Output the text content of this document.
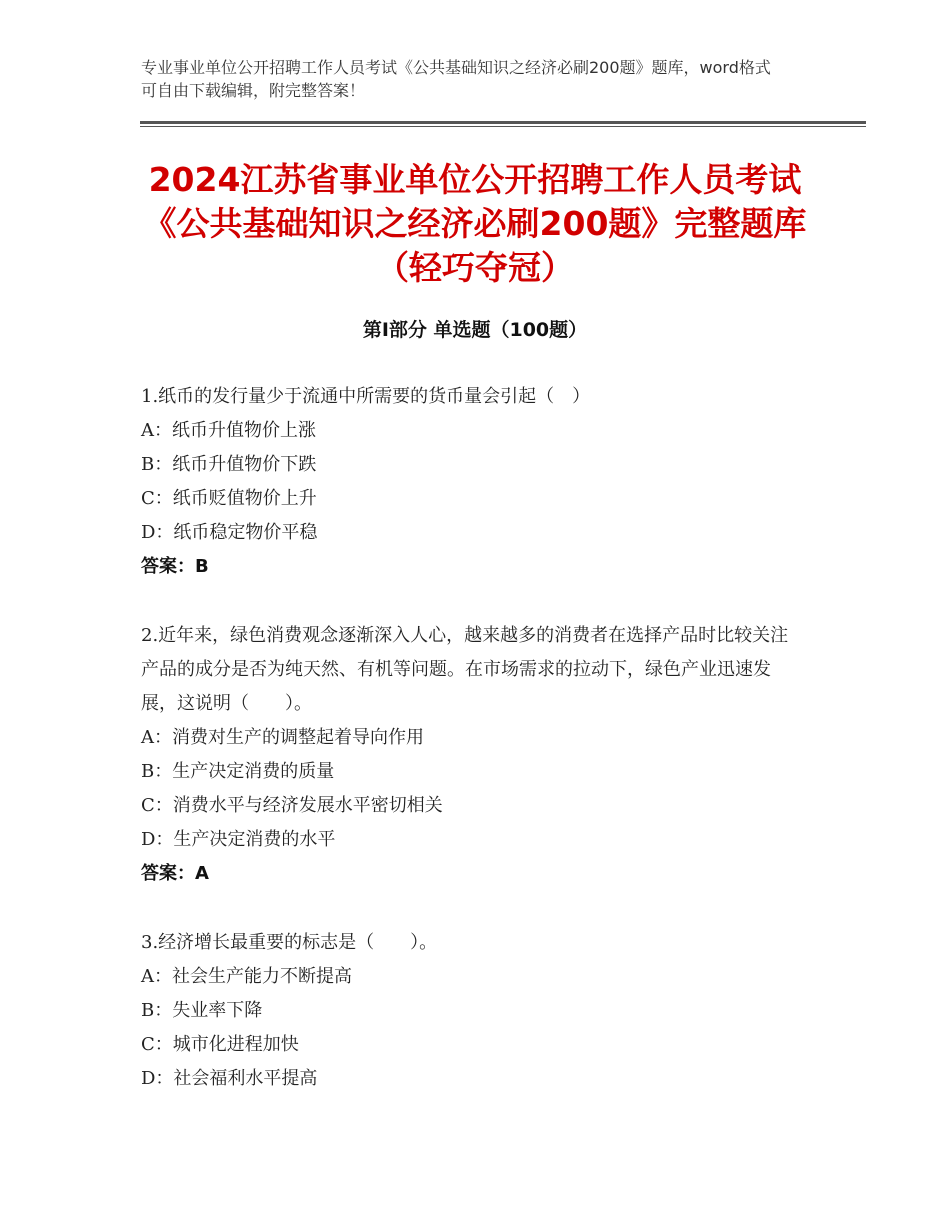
专业事业单位公开招聘工作人员考试《公共基础知识之经济必刷200题》题库，word格式可自由下载编辑，附完整答案！
2024江苏省事业单位公开招聘工作人员考试《公共基础知识之经济必刷200题》完整题库（轻巧夺冠）
第Ⅰ部分 单选题（100题）
1.纸币的发行量少于流通中所需要的货币量会引起（　）
A：纸币升值物价上涨
B：纸币升值物价下跌
C：纸币贬值物价上升
D：纸币稳定物价平稳
答案：B
2.近年来，绿色消费观念逐渐深入人心，越来越多的消费者在选择产品时比较关注产品的成分是否为纯天然、有机等问题。在市场需求的拉动下，绿色产业迅速发展，这说明（　　）。
A：消费对生产的调整起着导向作用
B：生产决定消费的质量
C：消费水平与经济发展水平密切相关
D：生产决定消费的水平
答案：A
3.经济增长最重要的标志是（　　）。
A：社会生产能力不断提高
B：失业率下降
C：城市化进程加快
D：社会福利水平提高
